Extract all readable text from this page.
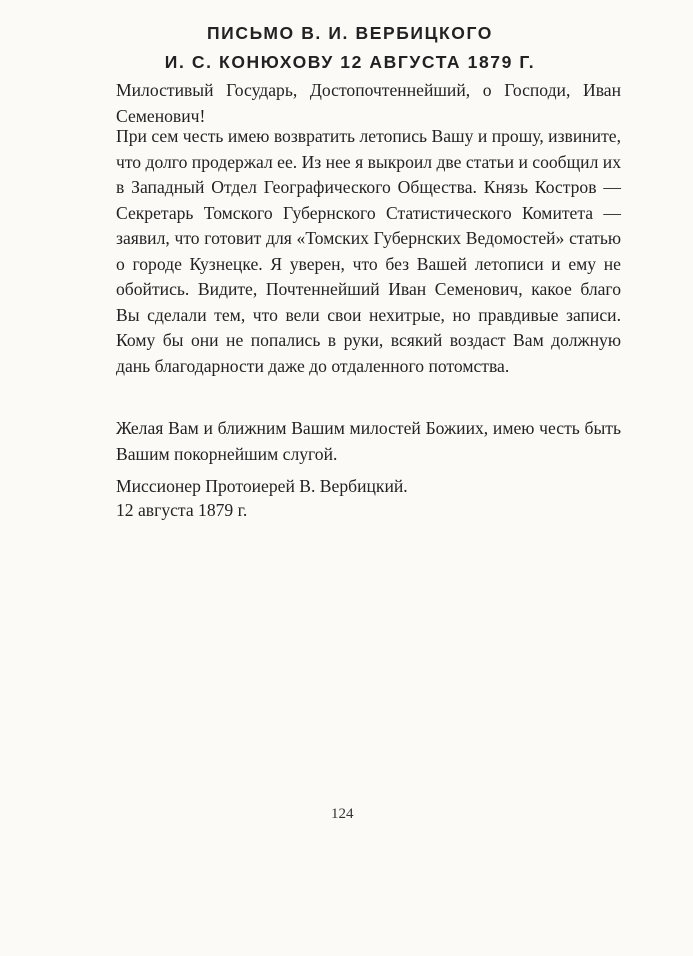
ПИСЬМО В. И. ВЕРБИЦКОГО
И. С. КОНЮХОВУ 12 АВГУСТА 1879 Г.

Милостивый Государь, Достопочтеннейший, о Господи, Иван Семенович!

При сем честь имею возвратить летопись Вашу и прошу, извините, что долго продержал ее. Из нее я выкроил две статьи и сообщил их в Западный Отдел Географического Общества. Князь Костров — Секретарь Томского Губернского Статистического Комитета — заявил, что готовит для «Томских Губернских Ведомостей» статью о городе Кузнецке. Я уверен, что без Вашей летописи и ему не обойтись. Видите, Почтеннейший Иван Семенович, какое благо Вы сделали тем, что вели свои нехитрые, но правдивые записи. Кому бы они не попались в руки, всякий воздаст Вам должную дань благодарности даже до отдаленного потомства.

Желая Вам и ближним Вашим милостей Божиих, имею честь быть Вашим покорнейшим слугой.

Миссионер Протоиерей В. Вербицкий.
12 августа 1879 г.
124
